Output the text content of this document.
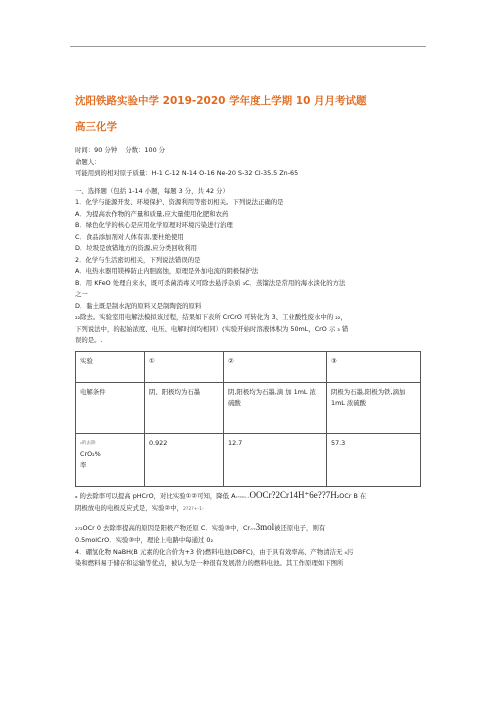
沈阳铁路实验中学 2019-2020 学年度上学期 10 月月考试题
高三化学
时间：90 分钟 分数：100 分
命题人：
可能用到的相对原子质量：H-1 C-12 N-14 O-16 Ne-20 S-32 Cl-35.5 Zn-65
一、选择题（包括 1-14 小题，每题 3 分，共 42 分）
1．化学与能源开发、环境保护、资源利用等密切相关。下列说法正确的是
A．为提高农作物的产量和质量,应大量使用化肥和农药
B．绿色化学的核心是应用化学原理对环境污染进行治理
C．食品添加剂对人体有害,要杜绝使用
D．垃圾是放错地方的资源,应分类回收利用
2．化学与生活密切相关，下列说法错误的是
A．电热水器用镁棒防止内胆腐蚀，原理是外加电流的阴极保护法
B．用 KFeO 处理自来水，既可杀菌消毒又可除去悬浮杂质 ₃C．蒸馏法是常用的海水淡化的方法
之一
D．黏土既是制水泥的原料又是制陶瓷的原料
₂₂除去。实验室用电解法模拟该过程，结果如下表所 CrCrO 可转化为 3、工业酸性废水中的 ₂₂，
下列说法中，的起始浓度、电压、电解时间均相同）(实验开始时溶液体积为 50mL，CrO 示 ₃ 错
误的是。.
实验	①	②	③
电解条件	阴、阳极均为石墨	阴,阳极均为石墨,滴 加 1mL 浓硫酸	阴极为石墨,阳极为铁,滴加 1mL 浓硫酸

₂的去除
CrO₂%
率	0.922	12.7	57.3
ₐ 的去除率可以提高 pHCrO，对比实验①②可知，降低 A₂₇₃₃₂₊₊OOCr?2Cr14H⁺6e??7H₂OCr B 在
阴极放电的电极反应式是，实验②中，2?2?+-1-
₂₇₂OCr 0 去除率提高的原因是阳极产物还原 C．实验③中，Cr₂₇₂3mol被还原电子，则有
0.5molCrO．实验③中，理论上电路中每通过 0₂
4．硼氢化物 NaBH(B 元素的化合价为+3 价)燃料电池(DBFC)，由于具有效率高、产物清洁无 ₄污
染和燃料易于储存和运输等优点，被认为是一种很有发展潜力的燃料电池。其工作原理如下图所
